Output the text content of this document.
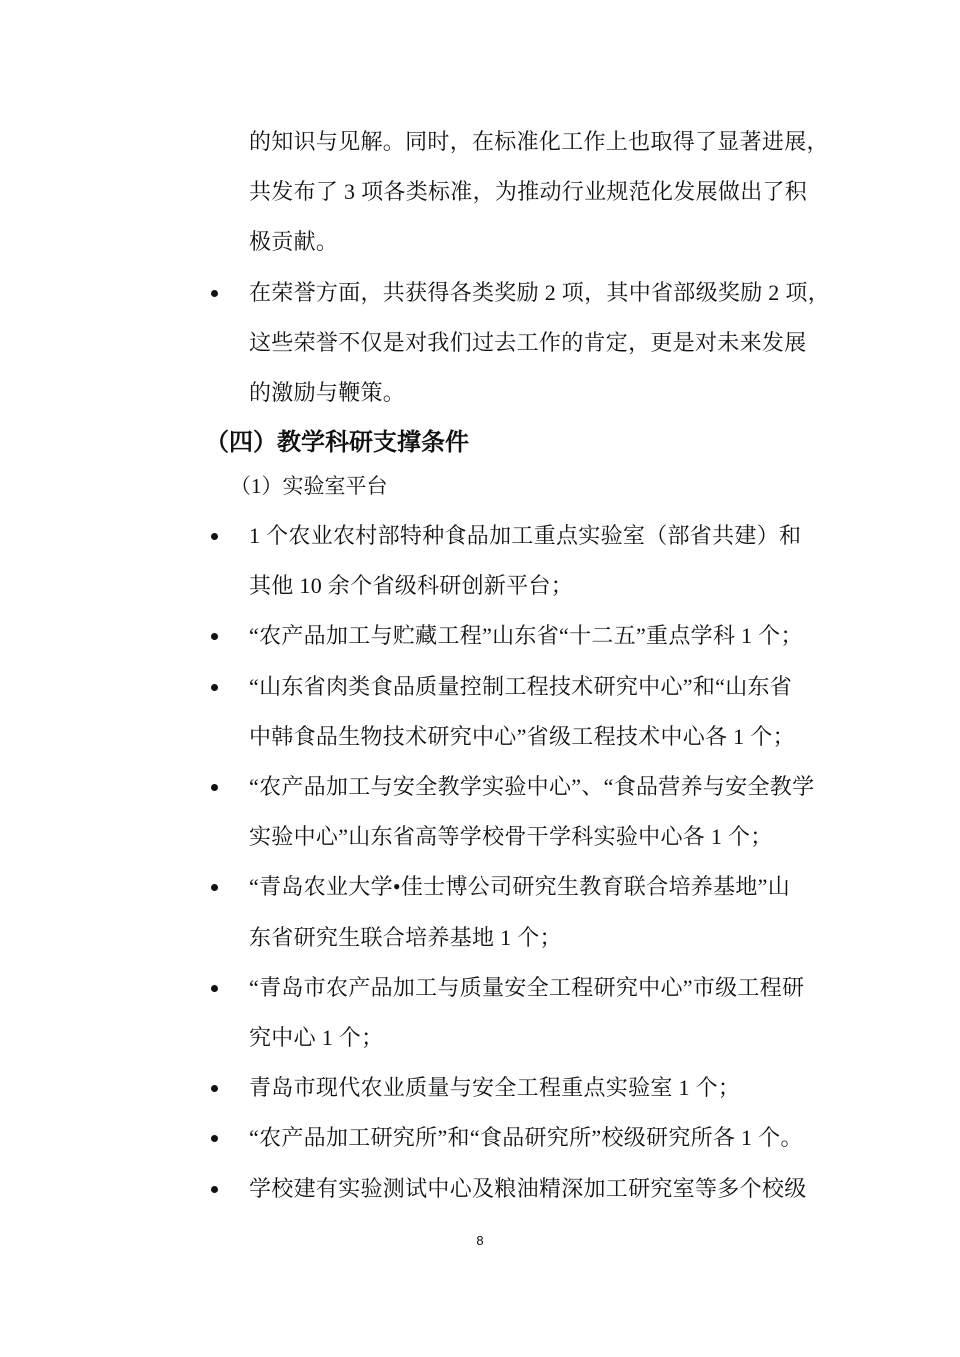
的知识与见解。同时，在标准化工作上也取得了显著进展，
共发布了 3 项各类标准，为推动行业规范化发展做出了积
极贡献。
在荣誉方面，共获得各类奖励 2 项，其中省部级奖励 2 项，
这些荣誉不仅是对我们过去工作的肯定，更是对未来发展
的激励与鞭策。
（四）教学科研支撑条件
（1）实验室平台
1 个农业农村部特种食品加工重点实验室（部省共建）和
其他 10 余个省级科研创新平台；
“农产品加工与贮藏工程”山东省“十二五”重点学科 1 个；
“山东省肉类食品质量控制工程技术研究中心”和“山东省
中韩食品生物技术研究中心”省级工程技术中心各 1 个；
“农产品加工与安全教学实验中心”、“食品营养与安全教学
实验中心”山东省高等学校骨干学科实验中心各 1 个；
“青岛农业大学•佳士博公司研究生教育联合培养基地”山
东省研究生联合培养基地 1 个；
“青岛市农产品加工与质量安全工程研究中心”市级工程研
究中心 1 个；
青岛市现代农业质量与安全工程重点实验室 1 个；
“农产品加工研究所”和“食品研究所”校级研究所各 1 个。
学校建有实验测试中心及粮油精深加工研究室等多个校级
8
